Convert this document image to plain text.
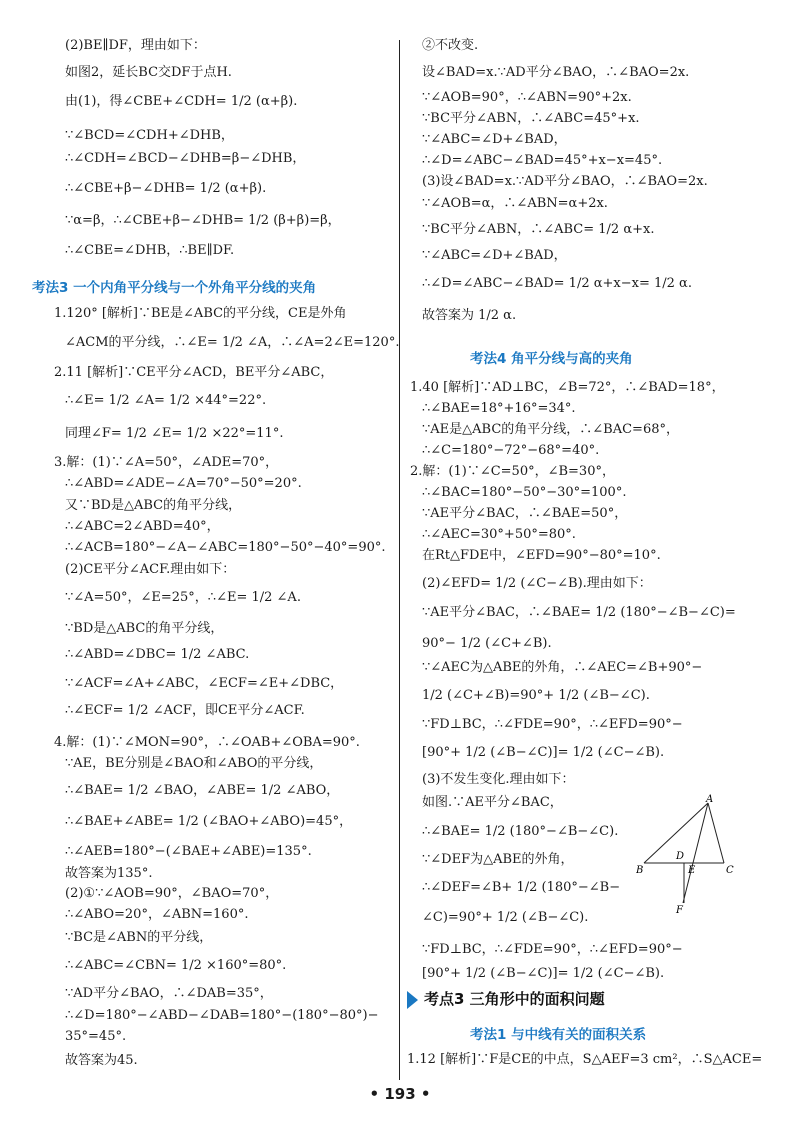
(2)BE∥DF，理由如下：
如图2，延长BC交DF于点H.
由(1)，得∠CBE+∠CDH= 1/2 (α+β).
∵∠BCD=∠CDH+∠DHB，
∴∠CDH=∠BCD−∠DHB=β−∠DHB，
∴∠CBE+β−∠DHB= 1/2 (α+β).
∵α=β，∴∠CBE+β−∠DHB= 1/2 (β+β)=β，
∴∠CBE=∠DHB，∴BE∥DF.
1.120° [解析]∵BE是∠ABC的平分线，CE是外角
∠ACM的平分线，∴∠E= 1/2 ∠A，∴∠A=2∠E=120°.
2.11 [解析]∵CE平分∠ACD，BE平分∠ABC，
∴∠E= 1/2 ∠A= 1/2 ×44°=22°.
同理∠F= 1/2 ∠E= 1/2 ×22°=11°.
3.解：(1)∵∠A=50°，∠ADE=70°，
∴∠ABD=∠ADE−∠A=70°−50°=20°.
又∵BD是△ABC的角平分线，
∴∠ABC=2∠ABD=40°，
∴∠ACB=180°−∠A−∠ABC=180°−50°−40°=90°.
(2)CE平分∠ACF.理由如下：
∵∠A=50°，∠E=25°，∴∠E= 1/2 ∠A.
∵BD是△ABC的角平分线，
∴∠ABD=∠DBC= 1/2 ∠ABC.
∵∠ACF=∠A+∠ABC，∠ECF=∠E+∠DBC，
∴∠ECF= 1/2 ∠ACF，即CE平分∠ACF.
4.解：(1)∵∠MON=90°，∴∠OAB+∠OBA=90°.
∵AE，BE分别是∠BAO和∠ABO的平分线，
∴∠BAE= 1/2 ∠BAO，∠ABE= 1/2 ∠ABO，
∴∠BAE+∠ABE= 1/2 (∠BAO+∠ABO)=45°，
∴∠AEB=180°−(∠BAE+∠ABE)=135°.
故答案为135°.
(2)①∵∠AOB=90°，∠BAO=70°，
∴∠ABO=20°，∠ABN=160°.
∵BC是∠ABN的平分线，
∴∠ABC=∠CBN= 1/2 ×160°=80°.
∵AD平分∠BAO，∴∠DAB=35°，
∴∠D=180°−∠ABD−∠DAB=180°−(180°−80°)−
35°=45°.
故答案为45.
考法3 一个内角平分线与一个外角平分线的夹角
②不改变.
设∠BAD=x.∵AD平分∠BAO，∴∠BAO=2x.
∵∠AOB=90°，∴∠ABN=90°+2x.
∵BC平分∠ABN，∴∠ABC=45°+x.
∵∠ABC=∠D+∠BAD，
∴∠D=∠ABC−∠BAD=45°+x−x=45°.
(3)设∠BAD=x.∵AD平分∠BAO，∴∠BAO=2x.
∵∠AOB=α，∴∠ABN=α+2x.
∵BC平分∠ABN，∴∠ABC= 1/2 α+x.
∵∠ABC=∠D+∠BAD，
∴∠D=∠ABC−∠BAD= 1/2 α+x−x= 1/2 α.
故答案为 1/2 α.
1.40 [解析]∵AD⊥BC，∠B=72°，∴∠BAD=18°，
∴∠BAE=18°+16°=34°.
∵AE是△ABC的角平分线，∴∠BAC=68°，
∴∠C=180°−72°−68°=40°.
2.解：(1)∵∠C=50°，∠B=30°，
∴∠BAC=180°−50°−30°=100°.
∵AE平分∠BAC，∴∠BAE=50°，
∴∠AEC=30°+50°=80°.
在Rt△FDE中，∠EFD=90°−80°=10°.
(2)∠EFD= 1/2 (∠C−∠B).理由如下：
∵AE平分∠BAC，∴∠BAE= 1/2 (180°−∠B−∠C)=
90°− 1/2 (∠C+∠B).
∵∠AEC为△ABE的外角，∴∠AEC=∠B+90°−
1/2 (∠C+∠B)=90°+ 1/2 (∠B−∠C).
∵FD⊥BC，∴∠FDE=90°，∴∠EFD=90°−
[90°+ 1/2 (∠B−∠C)]= 1/2 (∠C−∠B).
(3)不发生变化.理由如下：
如图.∵AE平分∠BAC，
∴∠BAE= 1/2 (180°−∠B−∠C).
∵∠DEF为△ABE的外角，
∴∠DEF=∠B+ 1/2 (180°−∠B−
∠C)=90°+ 1/2 (∠B−∠C).
∵FD⊥BC，∴∠FDE=90°，∴∠EFD=90°−
[90°+ 1/2 (∠B−∠C)]= 1/2 (∠C−∠B).
考法4 角平分线与高的夹角
A
B	C
D
E
F
考点3 三角形中的面积问题
考法1 与中线有关的面积关系
1.12 [解析]∵F是CE的中点，S△AEF=3 cm²，∴S△ACE=
• 193 •
